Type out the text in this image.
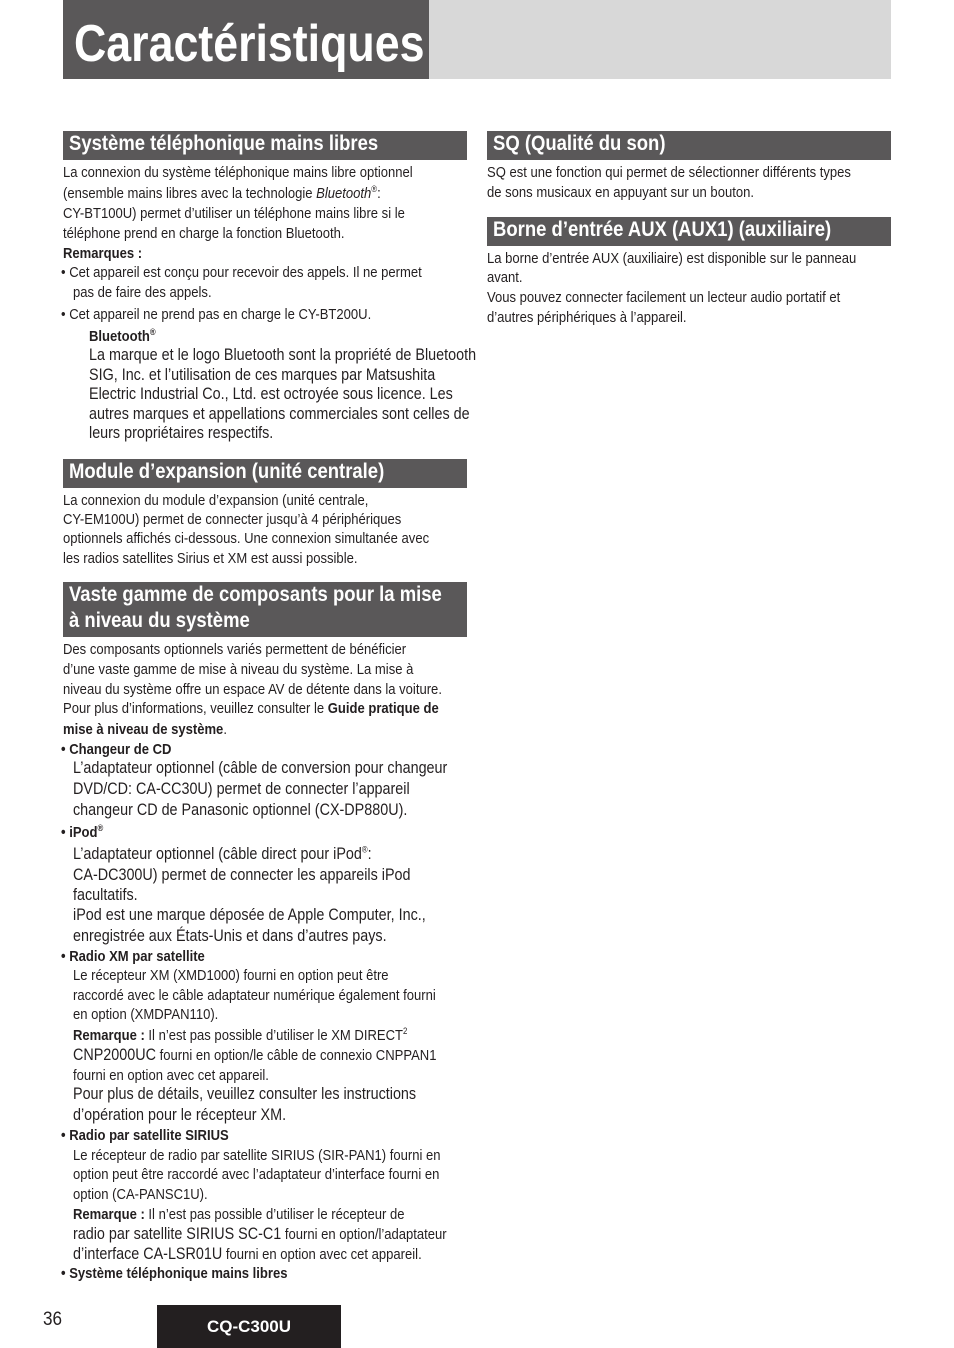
Caractéristiques
Système téléphonique mains libres
La connexion du système téléphonique mains libre optionnel
(ensemble mains libres avec la technologie Bluetooth®:
CY-BT100U) permet d’utiliser un téléphone mains libre si le
téléphone prend en charge la fonction Bluetooth.
Remarques :
• Cet appareil est conçu pour recevoir des appels. Il ne permet
pas de faire des appels.
• Cet appareil ne prend pas en charge le CY-BT200U.
Bluetooth®
La marque et le logo Bluetooth sont la propriété de Bluetooth
SIG, Inc. et l’utilisation de ces marques par Matsushita
Electric Industrial Co., Ltd. est octroyée sous licence. Les
autres marques et appellations commerciales sont celles de
leurs propriétaires respectifs.
Module d’expansion (unité centrale)
La connexion du module d’expansion (unité centrale,
CY-EM100U) permet de connecter jusqu’à 4 périphériques
optionnels affichés ci-dessous. Une connexion simultanée avec
les radios satellites Sirius et XM est aussi possible.
Vaste gamme de composants pour la mise
à niveau du système
Des composants optionnels variés permettent de bénéficier
d’une vaste gamme de mise à niveau du système. La mise à
niveau du système offre un espace AV de détente dans la voiture.
Pour plus d’informations, veuillez consulter le Guide pratique de
mise à niveau de système.
• Changeur de CD
L’adaptateur optionnel (câble de conversion pour changeur
DVD/CD: CA-CC30U) permet de connecter l’appareil
changeur CD de Panasonic optionnel (CX-DP880U).
• iPod®
L’adaptateur optionnel (câble direct pour iPod®:
CA-DC300U) permet de connecter les appareils iPod
facultatifs.
iPod est une marque déposée de Apple Computer, Inc.,
enregistrée aux États-Unis et dans d’autres pays.
• Radio XM par satellite
Le récepteur XM (XMD1000) fourni en option peut être
raccordé avec le câble adaptateur numérique également fourni
en option (XMDPAN110).
Remarque : Il n’est pas possible d’utiliser le XM DIRECT$^2$
CNP2000UC fourni en option/le câble de connexio CNPPAN1
fourni en option avec cet appareil.
Pour plus de détails, veuillez consulter les instructions
d’opération pour le récepteur XM.
• Radio par satellite SIRIUS
Le récepteur de radio par satellite SIRIUS (SIR-PAN1) fourni en
option peut être raccordé avec l’adaptateur d’interface fourni en
option (CA-PANSC1U).
Remarque : Il n’est pas possible d’utiliser le récepteur de
radio par satellite SIRIUS SC-C1 fourni en option/l’adaptateur
d’interface CA-LSR01U fourni en option avec cet appareil.
• Système téléphonique mains libres
SQ (Qualité du son)
SQ est une fonction qui permet de sélectionner différents types
de sons musicaux en appuyant sur un bouton.
Borne d’entrée AUX (AUX1) (auxiliaire)
La borne d’entrée AUX (auxiliaire) est disponible sur le panneau
avant.
Vous pouvez connecter facilement un lecteur audio portatif et
d’autres périphériques à l’appareil.
36	CQ-C300U
